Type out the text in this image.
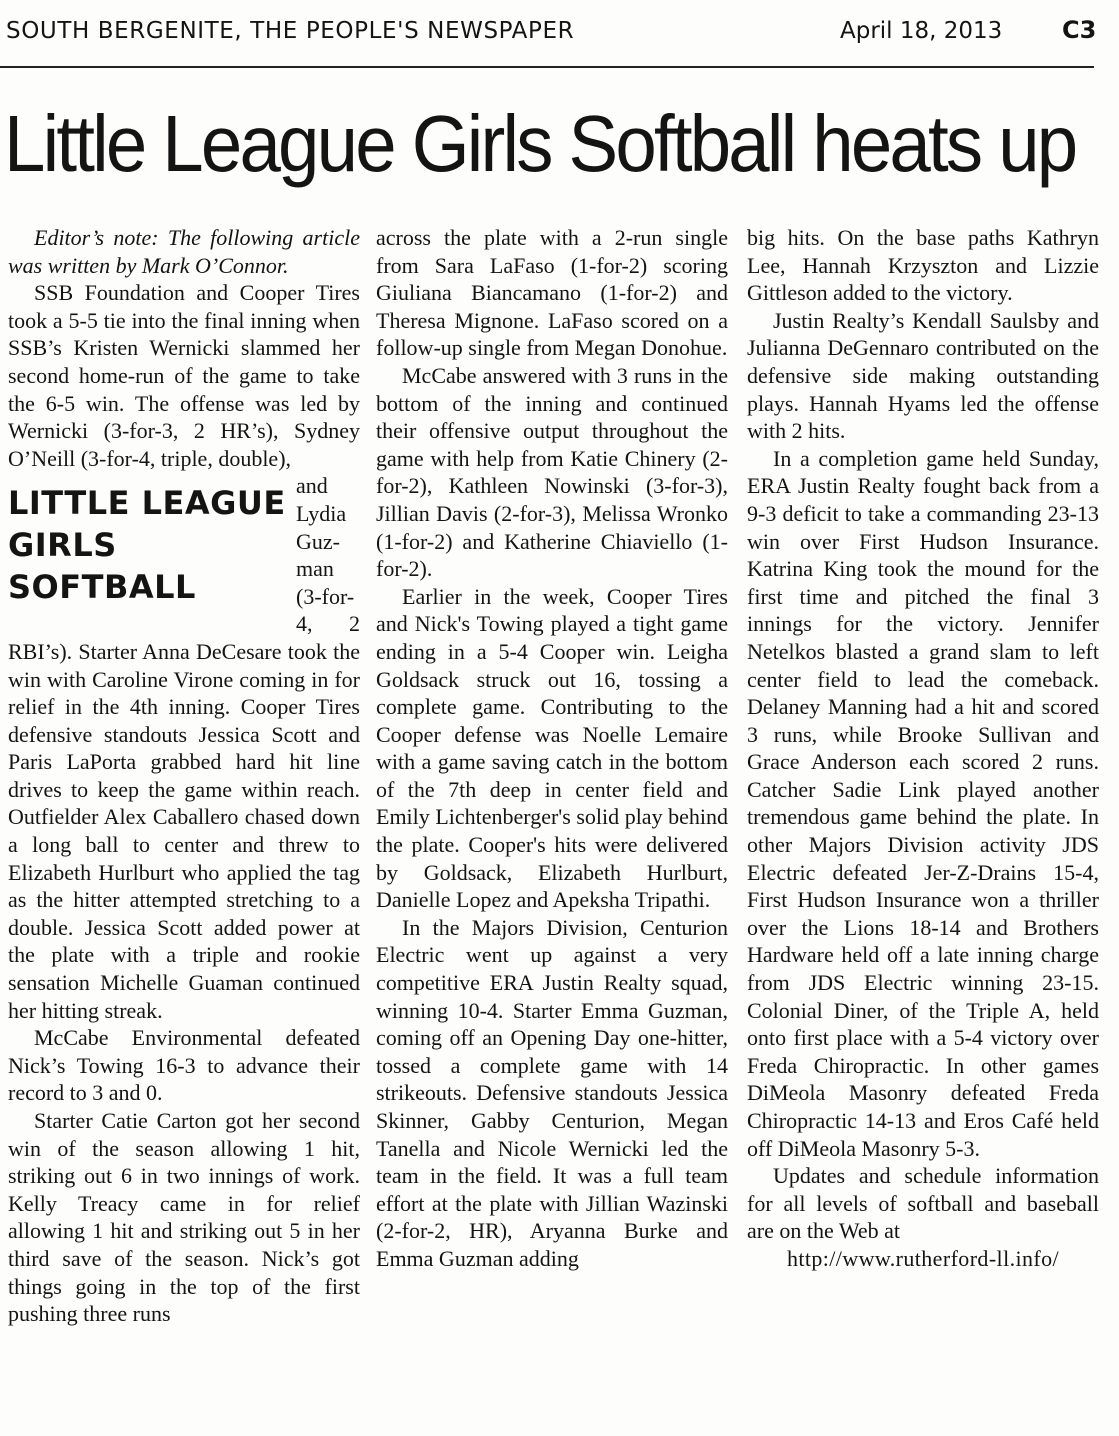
SOUTH BERGENITE, THE PEOPLE'S NEWSPAPER	April 18, 2013 C3
Little League Girls Softball heats up

Editor’s note: The following article was written by Mark O’Connor.

SSB Foundation and Cooper Tires took a 5-5 tie into the final inning when SSB’s Kristen Wernicki slammed her second home-run of the game to take the 6-5 win. The offense was led by Wernicki (3-for-3, 2 HR’s), Sydney O’Neill (3-for-4, triple, double),

LITTLE LEAGUE
GIRLS SOFTBALL

and Lydia Guzman (3-for-4, 2 RBI’s). Starter Anna DeCesare took the win with Caroline Virone coming in for relief in the 4th inning. Cooper Tires defensive standouts Jessica Scott and Paris LaPorta grabbed hard hit line drives to keep the game within reach. Outfielder Alex Caballero chased down a long ball to center and threw to Elizabeth Hurlburt who applied the tag as the hitter attempted stretching to a double. Jessica Scott added power at the plate with a triple and rookie sensation Michelle Guaman continued her hitting streak.

McCabe Environmental defeated Nick’s Towing 16-3 to advance their record to 3 and 0.

Starter Catie Carton got her second win of the season allowing 1 hit, striking out 6 in two innings of work. Kelly Treacy came in for relief allowing 1 hit and striking out 5 in her third save of the season. Nick’s got things going in the top of the first pushing three runs

across the plate with a 2-run single from Sara LaFaso (1-for-2) scoring Giuliana Biancamano (1-for-2) and Theresa Mignone. LaFaso scored on a follow-up single from Megan Donohue.

McCabe answered with 3 runs in the bottom of the inning and continued their offensive output throughout the game with help from Katie Chinery (2-for-2), Kathleen Nowinski (3-for-3), Jillian Davis (2-for-3), Melissa Wronko (1-for-2) and Katherine Chiaviello (1-for-2).

Earlier in the week, Cooper Tires and Nick's Towing played a tight game ending in a 5-4 Cooper win. Leigha Goldsack struck out 16, tossing a complete game. Contributing to the Cooper defense was Noelle Lemaire with a game saving catch in the bottom of the 7th deep in center field and Emily Lichtenberger's solid play behind the plate. Cooper's hits were delivered by Goldsack, Elizabeth Hurlburt, Danielle Lopez and Apeksha Tripathi.

In the Majors Division, Centurion Electric went up against a very competitive ERA Justin Realty squad, winning 10-4. Starter Emma Guzman, coming off an Opening Day one-hitter, tossed a complete game with 14 strikeouts. Defensive standouts Jessica Skinner, Gabby Centurion, Megan Tanella and Nicole Wernicki led the team in the field. It was a full team effort at the plate with Jillian Wazinski (2-for-2, HR), Aryanna Burke and Emma Guzman adding

big hits. On the base paths Kathryn Lee, Hannah Krzyszton and Lizzie Gittleson added to the victory.

Justin Realty’s Kendall Saulsby and Julianna DeGennaro contributed on the defensive side making outstanding plays. Hannah Hyams led the offense with 2 hits.

In a completion game held Sunday, ERA Justin Realty fought back from a 9-3 deficit to take a commanding 23-13 win over First Hudson Insurance. Katrina King took the mound for the first time and pitched the final 3 innings for the victory. Jennifer Netelkos blasted a grand slam to left center field to lead the comeback. Delaney Manning had a hit and scored 3 runs, while Brooke Sullivan and Grace Anderson each scored 2 runs. Catcher Sadie Link played another tremendous game behind the plate. In other Majors Division activity JDS Electric defeated Jer-Z-Drains 15-4, First Hudson Insurance won a thriller over the Lions 18-14 and Brothers Hardware held off a late inning charge from JDS Electric winning 23-15. Colonial Diner, of the Triple A, held onto first place with a 5-4 victory over Freda Chiropractic. In other games DiMeola Masonry defeated Freda Chiropractic 14-13 and Eros Café held off DiMeola Masonry 5-3.

Updates and schedule information for all levels of softball and baseball are on the Web at

http://www.rutherford-ll.info/
